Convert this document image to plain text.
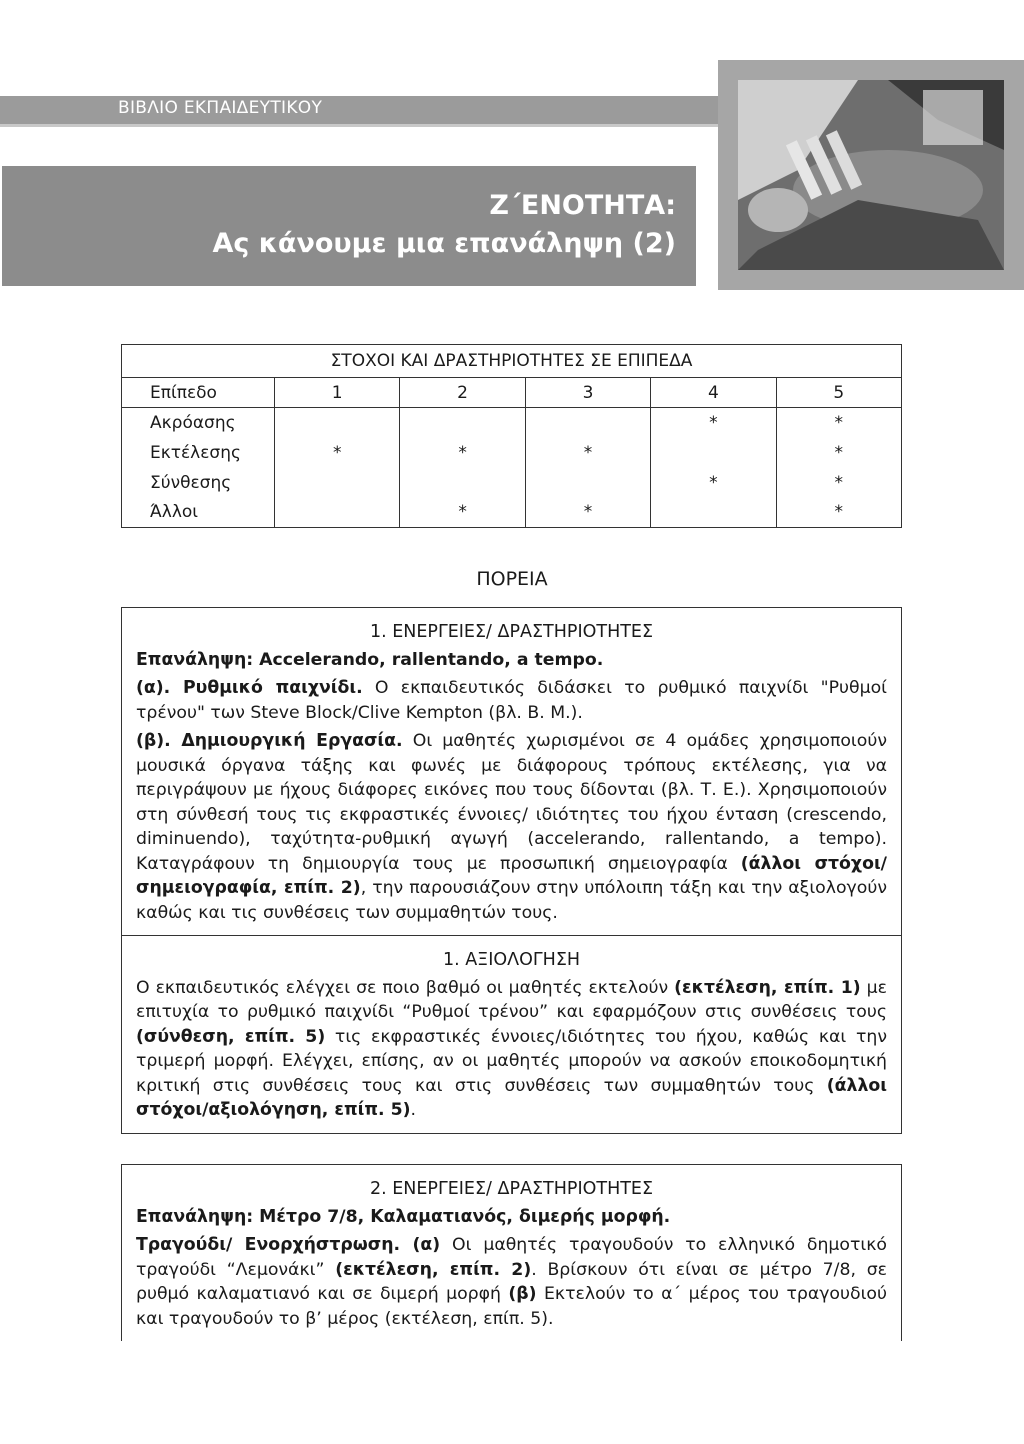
ΒΙΒΛΙΟ ΕΚΠΑΙΔΕΥΤΙΚΟΥ
Ζ΄ΕΝΟΤΗΤΑ:
Ας κάνουμε μια επανάληψη (2)
ΣΤΟΧΟΙ ΚΑΙ ΔΡΑΣΤΗΡΙΟΤΗΤΕΣ ΣΕ ΕΠΙΠΕΔΑ					
Επίπεδο	1	2	3	4	5
Ακρόασης				*	*
Εκτέλεσης	*	*	*		*
Σύνθεσης				*	*
Άλλοι		*	*		*
ΠΟΡΕΙΑ
1. ΕΝΕΡΓΕΙΕΣ/ ΔΡΑΣΤΗΡΙΟΤΗΤΕΣ

Επανάληψη: Accelerando, rallentando, a tempo.

(α). Ρυθμικό παιχνίδι. Ο εκπαιδευτικός διδάσκει το ρυθμικό παιχνίδι "Ρυθμοί τρένου" των Steve Block/Clive Kempton (βλ. Β. Μ.).

(β). Δημιουργική Εργασία. Οι μαθητές χωρισμένοι σε 4 ομάδες χρησιμοποιούν μουσικά όργανα τάξης και φωνές με διάφορους τρόπους εκτέλεσης, για να περιγράψουν με ήχους διάφορες εικόνες που τους δίδονται (βλ. Τ. Ε.). Χρησιμοποιούν στη σύνθεσή τους τις εκφραστικές έννοιες/ ιδιότητες του ήχου ένταση (crescendo, diminuendo), ταχύτητα-ρυθμική αγωγή (accelerando, rallentando, a tempo). Καταγράφουν τη δημιουργία τους με προσωπική σημειογραφία (άλλοι στόχοι/σημειογραφία, επίπ. 2), την παρουσιάζουν στην υπόλοιπη τάξη και την αξιολογούν καθώς και τις συνθέσεις των συμμαθητών τους.

1. ΑΞΙΟΛΟΓΗΣΗ

Ο εκπαιδευτικός ελέγχει σε ποιο βαθμό οι μαθητές εκτελούν (εκτέλεση, επίπ. 1) με επιτυχία το ρυθμικό παιχνίδι “Ρυθμοί τρένου” και εφαρμόζουν στις συνθέσεις τους (σύνθεση, επίπ. 5) τις εκφραστικές έννοιες/ιδιότητες του ήχου, καθώς και την τριμερή μορφή. Ελέγχει, επίσης, αν οι μαθητές μπορούν να ασκούν εποικοδομητική κριτική στις συνθέσεις τους και στις συνθέσεις των συμμαθητών τους (άλλοι στόχοι/αξιολόγηση, επίπ. 5).

2. ΕΝΕΡΓΕΙΕΣ/ ΔΡΑΣΤΗΡΙΟΤΗΤΕΣ

Επανάληψη: Μέτρο 7/8, Καλαματιανός, διμερής μορφή.

Τραγούδι/ Ενορχήστρωση. (α) Οι μαθητές τραγουδούν το ελληνικό δημοτικό τραγούδι “Λεμονάκι” (εκτέλεση, επίπ. 2). Βρίσκουν ότι είναι σε μέτρο 7/8, σε ρυθμό καλαματιανό και σε διμερή μορφή (β) Εκτελούν το α΄ μέρος του τραγουδιού και τραγουδούν το β’ μέρος (εκτέλεση, επίπ. 5).
